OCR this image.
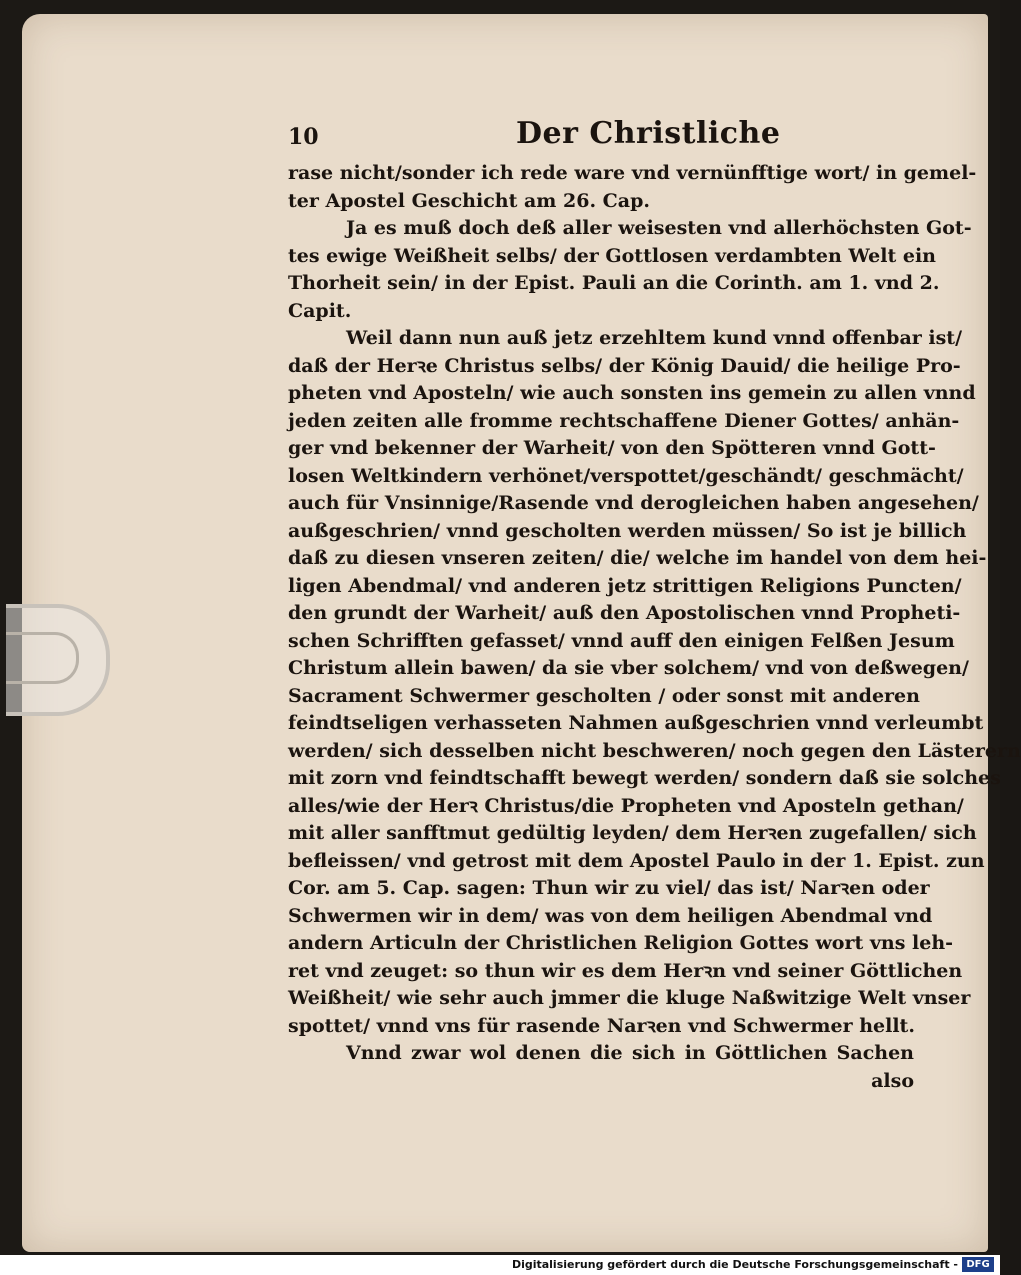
10	Der Christliche
rase nicht/sonder ich rede ware vnd vernünfftige wort/ in gemel-
ter Apostel Geschicht am 26. Cap.
Ja es muß doch deß aller weisesten vnd allerhöchsten Got-
tes ewige Weißheit selbs/ der Gottlosen verdambten Welt ein
Thorheit sein/ in der Epist. Pauli an die Corinth. am 1. vnd 2.
Capit.
Weil dann nun auß jetz erzehltem kund vnnd offenbar ist/
daß der Herꝛe Christus selbs/ der König Dauid/ die heilige Pro-
pheten vnd Aposteln/ wie auch sonsten ins gemein zu allen vnnd
jeden zeiten alle fromme rechtschaffene Diener Gottes/ anhän-
ger vnd bekenner der Warheit/ von den Spötteren vnnd Gott-
losen Weltkindern verhönet/verspottet/geschändt/ geschmächt/
auch für Vnsinnige/Rasende vnd derogleichen haben angesehen/
außgeschrien/ vnnd gescholten werden müssen/ So ist je billich
daß zu diesen vnseren zeiten/ die/ welche im handel von dem hei-
ligen Abendmal/ vnd anderen jetz strittigen Religions Puncten/
den grundt der Warheit/ auß den Apostolischen vnnd Propheti-
schen Schrifften gefasset/ vnnd auff den einigen Felßen Jesum
Christum allein bawen/ da sie vber solchem/ vnd von deßwegen/
Sacrament Schwermer gescholten / oder sonst mit anderen
feindtseligen verhasseten Nahmen außgeschrien vnnd verleumbt
werden/ sich desselben nicht beschweren/ noch gegen den Lästerern
mit zorn vnd feindtschafft bewegt werden/ sondern daß sie solches
alles/wie der Herꝛ Christus/die Propheten vnd Aposteln gethan/
mit aller sanfftmut gedültig leyden/ dem Herꝛen zugefallen/ sich
befleissen/ vnd getrost mit dem Apostel Paulo in der 1. Epist. zun
Cor. am 5. Cap. sagen: Thun wir zu viel/ das ist/ Narꝛen oder
Schwermen wir in dem/ was von dem heiligen Abendmal vnd
andern Articuln der Christlichen Religion Gottes wort vns leh-
ret vnd zeuget: so thun wir es dem Herꝛn vnd seiner Göttlichen
Weißheit/ wie sehr auch jmmer die kluge Naßwitzige Welt vnser
spottet/ vnnd vns für rasende Narꝛen vnd Schwermer hellt.
Vnnd zwar wol denen die sich in Göttlichen Sachen
also
Digitalisierung gefördert durch die Deutsche Forschungsgemeinschaft - DFG
